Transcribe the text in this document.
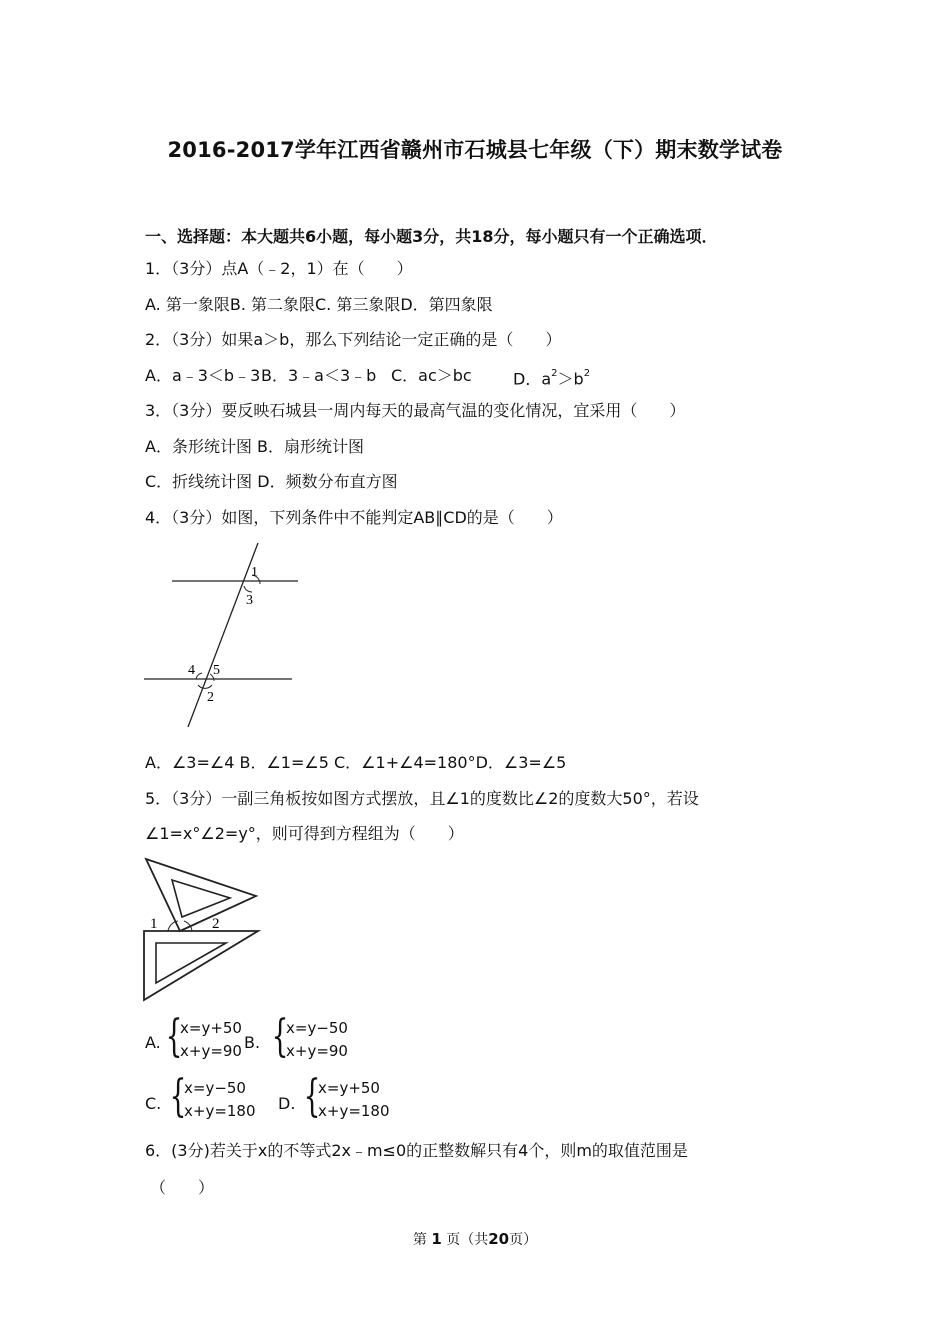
2016-2017学年江西省赣州市石城县七年级（下）期末数学试卷
一、选择题：本大题共6小题，每小题3分，共18分，每小题只有一个正确选项．
1．（3分）点A（﹣2，1）在（　　）
A. 第一象限B. 第二象限C. 第三象限D．第四象限
2．（3分）如果a＞b，那么下列结论一定正确的是（　　）
A．a﹣3＜b﹣3 B．3﹣a＜3﹣b C．ac＞bc	D．$a^2>b^2$
3．（3分）要反映石城县一周内每天的最高气温的变化情况，宜采用（　　）
A．条形统计图 B．扇形统计图
C．折线统计图 D．频数分布直方图
4．（3分）如图，下列条件中不能判定AB∥CD的是（　　）
1
3
4 5
2
A．∠3=∠4 B．∠1=∠5 C．∠1+∠4=180°D．∠3=∠5
5．（3分）一副三角板按如图方式摆放，且∠1的度数比∠2的度数大50°，若设
∠1=x°∠2=y°，则可得到方程组为（　　）
1	2
A. {
x=y+50
x+y=90 B. {
x=y−50
x+y=90
C. {
x=y−50
x+y=180 D. {
x=y+50
x+y=180
6．(3分)若关于x的不等式2x﹣m≤0的正整数解只有4个，则m的取值范围是
（　　）
第 1 页（共20页）
